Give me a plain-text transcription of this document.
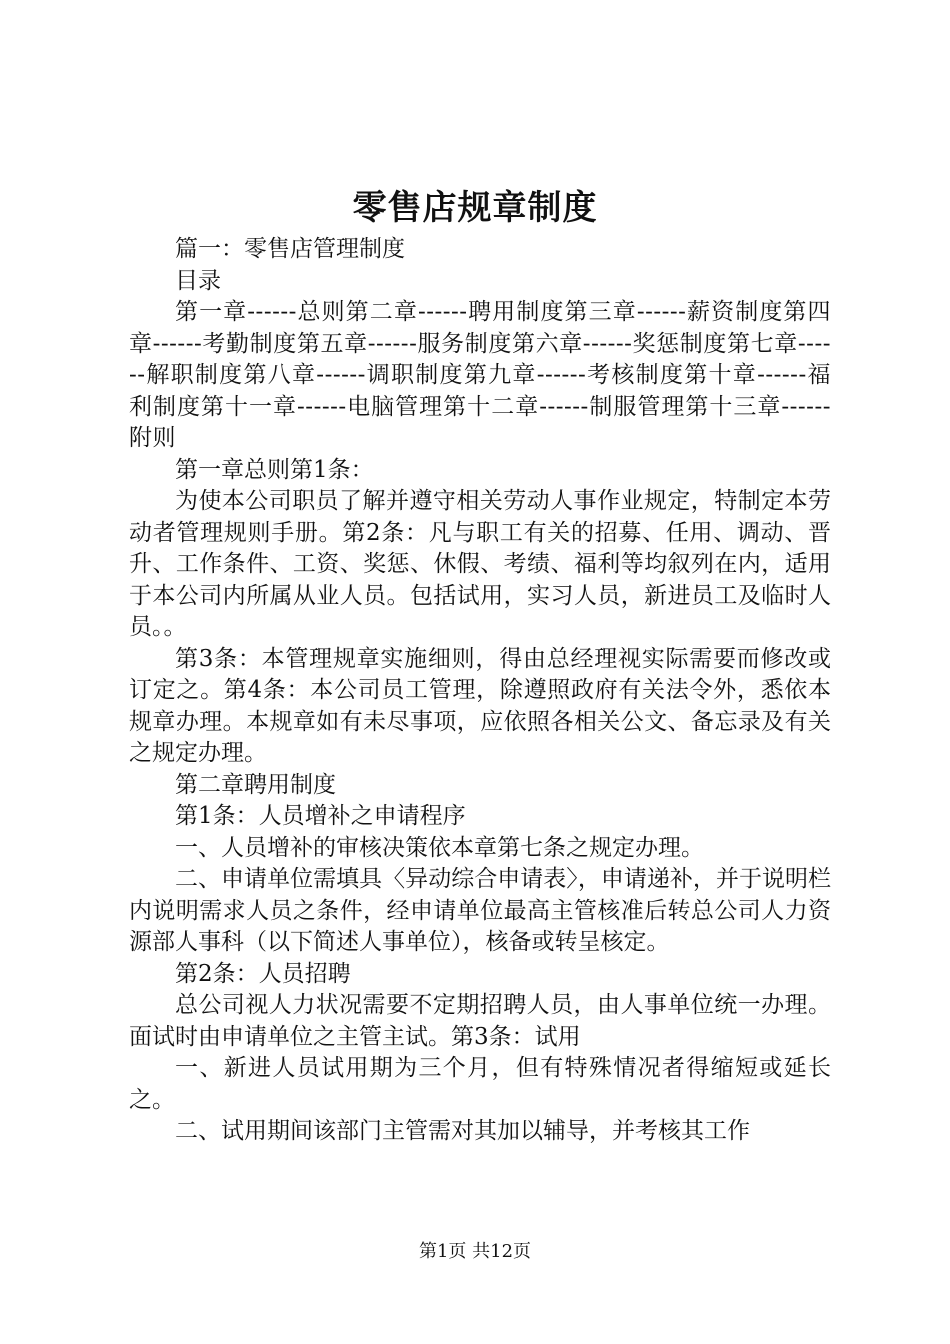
零售店规章制度

篇一：零售店管理制度

目录

第一章------总则第二章------聘用制度第三章------薪资制度第四章------考勤制度第五章------服务制度第六章------奖惩制度第七章------解职制度第八章------调职制度第九章------考核制度第十章------福利制度第十一章------电脑管理第十二章------制服管理第十三章------附则

第一章总则第1条：

为使本公司职员了解并遵守相关劳动人事作业规定，特制定本劳动者管理规则手册。第2条：凡与职工有关的招募、任用、调动、晋升、工作条件、工资、奖惩、休假、考绩、福利等均叙列在内，适用于本公司内所属从业人员。包括试用，实习人员，新进员工及临时人员。。

第3条：本管理规章实施细则，得由总经理视实际需要而修改或订定之。第4条：本公司员工管理，除遵照政府有关法令外，悉依本规章办理。本规章如有未尽事项，应依照各相关公文、备忘录及有关之规定办理。

第二章聘用制度

第1条：人员增补之申请程序

一、人员增补的审核决策依本章第七条之规定办理。

二、申请单位需填具〈异动综合申请表〉，申请递补，并于说明栏内说明需求人员之条件，经申请单位最高主管核准后转总公司人力资源部人事科（以下简述人事单位），核备或转呈核定。

第2条：人员招聘

总公司视人力状况需要不定期招聘人员，由人事单位统一办理。面试时由申请单位之主管主试。第3条：试用

一、新进人员试用期为三个月，但有特殊情况者得缩短或延长之。

二、试用期间该部门主管需对其加以辅导，并考核其工作

第1页 共12页
